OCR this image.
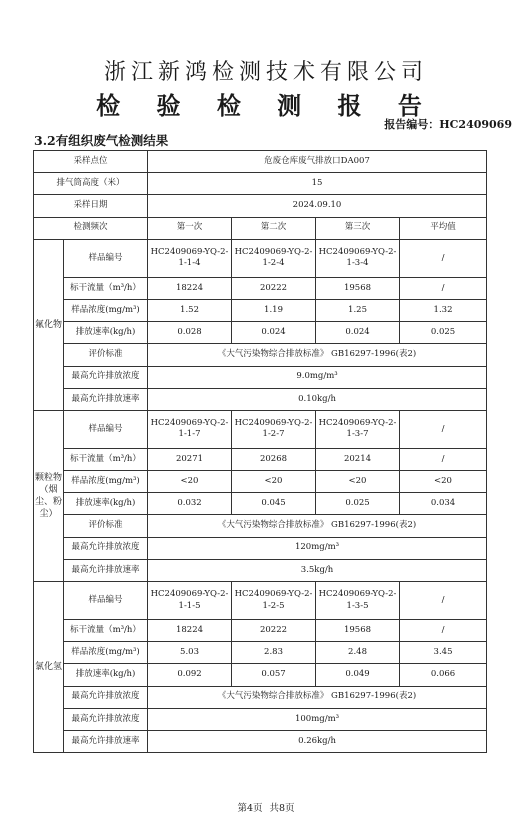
浙江新鸿检测技术有限公司
检 验 检 测 报 告
报告编号：HC2409069
3.2有组织废气检测结果
采样点位		危废仓库废气排放口DA007			
排气筒高度（米）		15			
采样日期		2024.09.10			
检测频次		第一次	第二次	第三次	平均值
氟化物	样品编号	HC2409069-YQ-2-1-1-4	HC2409069-YQ-2-1-2-4	HC2409069-YQ-2-1-3-4	/
	标干流量（m³/h）	18224	20222	19568	/
	样品浓度(mg/m³)	1.52	1.19	1.25	1.32
	排放速率(kg/h)	0.028	0.024	0.024	0.025
	评价标准	《大气污染物综合排放标准》 GB16297-1996(表2)			
	最高允许排放浓度	9.0mg/m³			
	最高允许排放速率	0.10kg/h			

颗粒物（烟尘、粉尘）	样品编号	HC2409069-YQ-2-1-1-7	HC2409069-YQ-2-1-2-7	HC2409069-YQ-2-1-3-7	/
	标干流量（m³/h）	20271	20268	20214	/
	样品浓度(mg/m³)	<20	<20	<20	<20
	排放速率(kg/h)	0.032	0.045	0.025	0.034
	评价标准	《大气污染物综合排放标准》 GB16297-1996(表2)			
	最高允许排放浓度	120mg/m³			
	最高允许排放速率	3.5kg/h			
氯化氢	样品编号	HC2409069-YQ-2-1-1-5	HC2409069-YQ-2-1-2-5	HC2409069-YQ-2-1-3-5	/
	标干流量（m³/h）	18224	20222	19568	/
	样品浓度(mg/m³)	5.03	2.83	2.48	3.45
	排放速率(kg/h)	0.092	0.057	0.049	0.066
	最高允许排放浓度	《大气污染物综合排放标准》 GB16297-1996(表2)			
	最高允许排放浓度	100mg/m³			
	最高允许排放速率	0.26kg/h			
第4页 共8页
